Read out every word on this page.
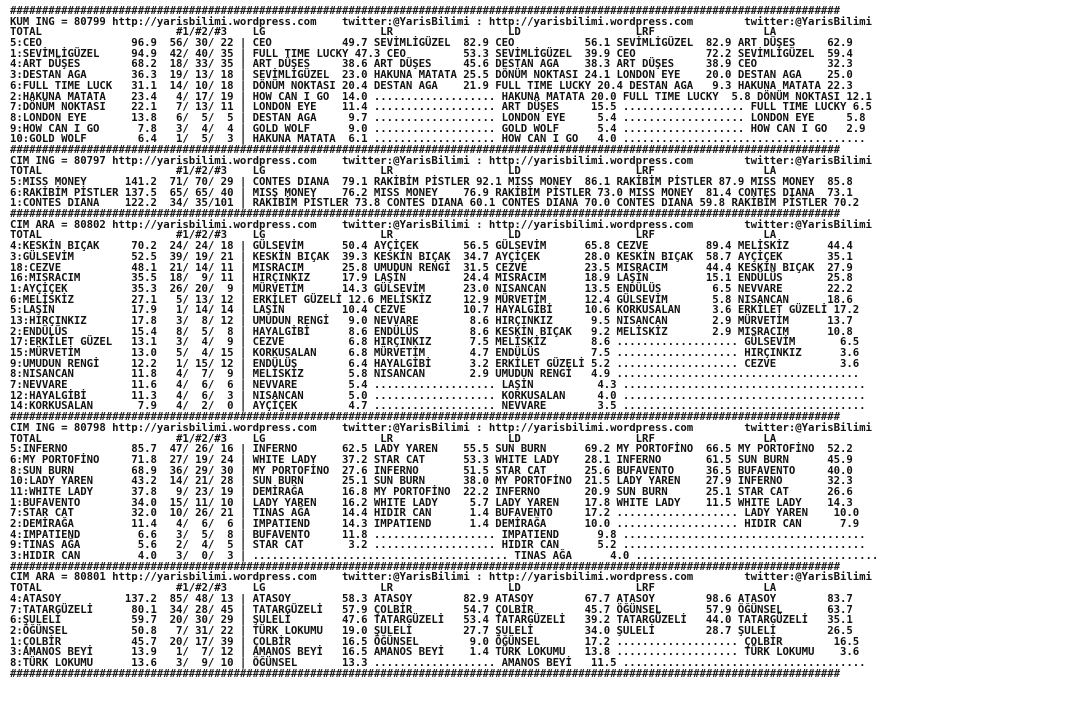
##################################################################################################################################
KUM ING = 80799 http://yarisbilimi.wordpress.com    twitter:@YarisBilimi : http://yarisbilimi.wordpress.com        twitter:@YarisBilimi
TOTAL                     #1/#2/#3    LG                  LR                  LD                  LRF                 LA
5:CEO              96.9  56/ 30/ 22 | CEO           49.7 SEVİMLİGÜZEL  82.9 CEO           56.1 SEVİMLİGÜZEL  82.9 ART DÜŞES     62.9
1:SEVİMLİGÜZEL     94.9  42/ 40/ 35 | FULL TIME LUCKY 47.3 CEO         53.3 SEVİMLİGÜZEL  39.9 CEO           72.2 SEVİMLİGÜZEL  59.4
4:ART DÜŞES        68.2  18/ 33/ 35 | ART DÜŞES     38.6 ART DÜŞES     45.6 DESTAN AGA    38.3 ART DÜŞES     38.9 CEO           32.3
3:DESTAN AGA       36.3  19/ 13/ 18 | SEVİMLİGÜZEL  23.0 HAKUNA MATATA 25.5 DÖNÜM NOKTASI 24.1 LONDON EYE    20.0 DESTAN AGA    25.0
6:FULL TIME LUCK   31.1  14/ 10/ 18 | DÖNÜM NOKTASI 20.4 DESTAN AGA    21.9 FULL TIME LUCKY 20.4 DESTAN AGA   9.3 HAKUNA MATATA 22.3
2:HAKUNA MATATA    23.4   4/ 17/ 19 | HOW CAN I GO  14.0 ................... HAKUNA MATATA 20.0 FULL TIME LUCKY  5.8 DÖNÜM NOKTASI 12.1
7:DÖNÜM NOKTASI    22.1   7/ 13/ 11 | LONDON EYE    11.4 ................... ART DÜŞES     15.5 ................... FULL TIME LUCKY 6.5
8:LONDON EYE       13.8   6/  5/  5 | DESTAN AGA     9.7 ................... LONDON EYE     5.4 ................... LONDON EYE     5.8
9:HOW CAN I GO      7.8   3/  4/  4 | GOLD WOLF      9.0 ................... GOLD WOLF      5.4 ................... HOW CAN I GO   2.9
10:GOLD WOLF        6.4   1/  5/  3 | HAKUNA MATATA  6.1 ................... HOW CAN I GO   4.0 ......................................
##################################################################################################################################
CIM ING = 80797 http://yarisbilimi.wordpress.com    twitter:@YarisBilimi : http://yarisbilimi.wordpress.com        twitter:@YarisBilimi
TOTAL                     #1/#2/#3    LG                  LR                  LD                  LRF                 LA
5:MISS MONEY      141.2  71/ 70/ 29 | CONTES DIANA  79.1 RAKİBİM PİSTLER 92.1 MISS MONEY  86.1 RAKİBİM PİSTLER 87.9 MISS MONEY  85.8
6:RAKİBİM PİSTLER 137.5  65/ 65/ 40 | MISS MONEY    76.2 MISS MONEY    76.9 RAKİBİM PİSTLER 73.0 MISS MONEY  81.4 CONTES DIANA  73.1
1:CONTES DIANA    122.2  34/ 35/101 | RAKİBİM PİSTLER 73.8 CONTES DIANA 60.1 CONTES DIANA 70.0 CONTES DIANA 59.8 RAKİBİM PİSTLER 70.2
##################################################################################################################################
CIM ARA = 80802 http://yarisbilimi.wordpress.com    twitter:@YarisBilimi : http://yarisbilimi.wordpress.com        twitter:@YarisBilimi
TOTAL                     #1/#2/#3    LG                  LR                  LD                  LRF                 LA
4:KESKİN BIÇAK     70.2  24/ 24/ 18 | GÜLSEVİM      50.4 AYÇİÇEK       56.5 GÜLSEVİM      65.8 CEZVE         89.4 MELİSKİZ      44.4
3:GÜLSEVİM         52.5  39/ 19/ 21 | KESKİN BIÇAK  39.3 KESKİN BIÇAK  34.7 AYÇİÇEK       28.0 KESKİN BIÇAK  58.7 AYÇİÇEK       35.1
18:CEZVE           48.1  21/ 14/ 11 | MISRACIM      25.8 UMUDUN RENGİ  31.5 CEZVE         23.5 MISRACIM      44.4 KESKİN BIÇAK  27.9
16:MISRACIM        35.5  18/  9/ 11 | HIRÇINKIZ     17.9 LAŞİN         24.4 MISRACIM      18.9 LAŞİN         15.1 ENDÜLÜS       25.8
1:AYÇİÇEK          35.3  26/ 20/  9 | MÜRVETİM      14.3 GÜLSEVİM      23.0 NISANCAN      13.5 ENDÜLÜS        6.5 NEVVARE       22.2
6:MELİSKİZ         27.1   5/ 13/ 12 | ERKİLET GÜZELİ 12.6 MELİSKİZ     12.9 MÜRVETİM      12.4 GÜLSEVİM       5.8 NISANCAN      18.6
5:LAŞİN            17.9   1/ 14/ 14 | LAŞİN         10.4 CEZVE         10.7 HAYALGİBİ     10.6 KORKUSALAN     3.6 ERKİLET GÜZELİ 17.2
13:HIRÇINKIZ       17.8   3/  8/ 12 | UMUDUN RENGİ   9.0 NEVVARE        8.6 HIRÇINKIZ      9.5 NISANCAN       2.9 MÜRVETİM      13.7
2:ENDÜLÜS          15.4   8/  5/  8 | HAYALGİBİ      8.6 ENDÜLÜS        8.6 KESKİN BIÇAK   9.2 MELİSKİZ       2.9 MISRACIM      10.8
17:ERKİLET GÜZEL   13.1   3/  4/  9 | CEZVE          6.8 HIRÇINKIZ      7.5 MELİSKİZ       8.6 ................... GÜLSEVİM       6.5
15:MÜRVETİM        13.0   5/  4/ 15 | KORKUSALAN     6.8 MÜRVETİM       4.7 ENDÜLÜS        7.5 ................... HIRÇINKIZ      3.6
9:UMUDUN RENGİ     12.2   1/ 15/ 12 | ENDÜLÜS        6.4 HAYALGİBİ      3.2 ERKİLET GÜZELİ 5.2 ................... CEZVE          3.6
8:NISANCAN         11.8   4/  7/  9 | MELİSKİZ       5.8 NISANCAN       2.9 UMUDUN RENGİ   4.9 ......................................
7:NEVVARE          11.6   4/  6/  6 | NEVVARE        5.4 ................... LAŞİN          4.3 ......................................
12:HAYALGİBİ       11.3   4/  6/  3 | NISANCAN       5.0 ................... KORKUSALAN     4.0 ......................................
14:KORKUSALAN       7.9   4/  2/  0 | AYÇİÇEK        4.7 ................... NEVVARE        3.5 ......................................
##################################################################################################################################
CIM ING = 80798 http://yarisbilimi.wordpress.com    twitter:@YarisBilimi : http://yarisbilimi.wordpress.com        twitter:@YarisBilimi
TOTAL                     #1/#2/#3    LG                  LR                  LD                  LRF                 LA
5:INFERNO          85.7  47/ 26/ 16 | INFERNO       62.5 LADY YAREN    55.5 SUN BURN      69.2 MY PORTOFİNO  66.5 MY PORTOFİNO  52.2
6:MY PORTOFİNO     71.8  27/ 19/ 24 | WHITE LADY    37.2 STAR CAT      53.3 WHITE LADY    28.1 INFERNO       61.5 SUN BURN      45.9
8:SUN BURN         68.9  36/ 29/ 30 | MY PORTOFİNO  27.6 INFERNO       51.5 STAR CAT      25.6 BUFAVENTO     36.5 BUFAVENTO     40.0
10:LADY YAREN      43.2  14/ 21/ 28 | SUN BURN      25.1 SUN BURN      38.0 MY PORTOFİNO  21.5 LADY YAREN    27.9 INFERNO       32.3
11:WHITE LADY      37.8   9/ 23/ 19 | DEMİRAĞA      16.8 MY PORTOFİNO  22.2 INFERNO       20.9 SUN BURN      25.1 STAR CAT      26.6
1:BUFAVENTO        34.0  15/ 11/ 10 | LADY YAREN    16.2 WHITE LADY     5.7 LADY YAREN    17.8 WHITE LADY    11.5 WHITE LADY    14.3
7:STAR CAT         32.0  10/ 26/ 21 | TINAS AĞA     14.4 HIDIR CAN      1.4 BUFAVENTO     17.2 ................... LADY YAREN    10.0
2:DEMİRAĞA         11.4   4/  6/  6 | IMPATIEND     14.3 IMPATIEND      1.4 DEMİRAĞA      10.0 ................... HIDIR CAN      7.9
4:IMPATIEND         6.6   3/  5/  8 | BUFAVENTO     11.8 ................... IMPATIEND      9.8 ......................................
9:TINAS AĞA         5.6   2/  4/  5 | STAR CAT       3.2 ................... HIDIR CAN      5.2 ......................................
3:HIDIR CAN         4.0   3/  0/  3 | ........................................ TINAS AĞA      4.0 ......................................
##################################################################################################################################
CIM ARA = 80801 http://yarisbilimi.wordpress.com    twitter:@YarisBilimi : http://yarisbilimi.wordpress.com        twitter:@YarisBilimi
TOTAL                     #1/#2/#3    LG                  LR                  LD                  LRF                 LA
4:ATASOY          137.2  85/ 48/ 13 | ATASOY        58.3 ATASOY        82.9 ATASOY        67.7 ATASOY        98.6 ATASOY        83.7
7:TATARGÜZELİ      80.1  34/ 28/ 45 | TATARGÜZELİ   57.9 ÇOLBİR        54.7 ÇOLBİR        45.7 ÖĞÜNSEL       57.9 ÖĞÜNSEL       63.7
6:ŞULELİ           59.7  20/ 30/ 29 | ŞULELİ        47.6 TATARGÜZELİ   53.4 TATARGÜZELİ   39.2 TATARGÜZELİ   44.0 TATARGÜZELİ   35.1
2:ÖĞÜNSEL          50.8   7/ 31/ 22 | TÜRK LOKUMU   19.0 ŞULELİ        27.7 ŞULELİ        34.0 ŞULELİ        28.7 ŞULELİ        26.5
1:ÇOLBİR           45.7  20/ 17/ 39 | ÇOLBİR        16.5 ÖĞÜNSEL        9.0 ÖĞÜNSEL       17.2 ................... ÇOLBİR        16.5
3:AMANOS BEYİ      13.9   1/  7/ 12 | AMANOS BEYİ   16.5 AMANOS BEYİ    1.4 TÜRK LOKUMU   13.8 ................... TÜRK LOKUMU    3.6
8:TÜRK LOKUMU      13.6   3/  9/ 10 | ÖĞÜNSEL       13.3 ................... AMANOS BEYİ   11.5 ......................................
##################################################################################################################################
